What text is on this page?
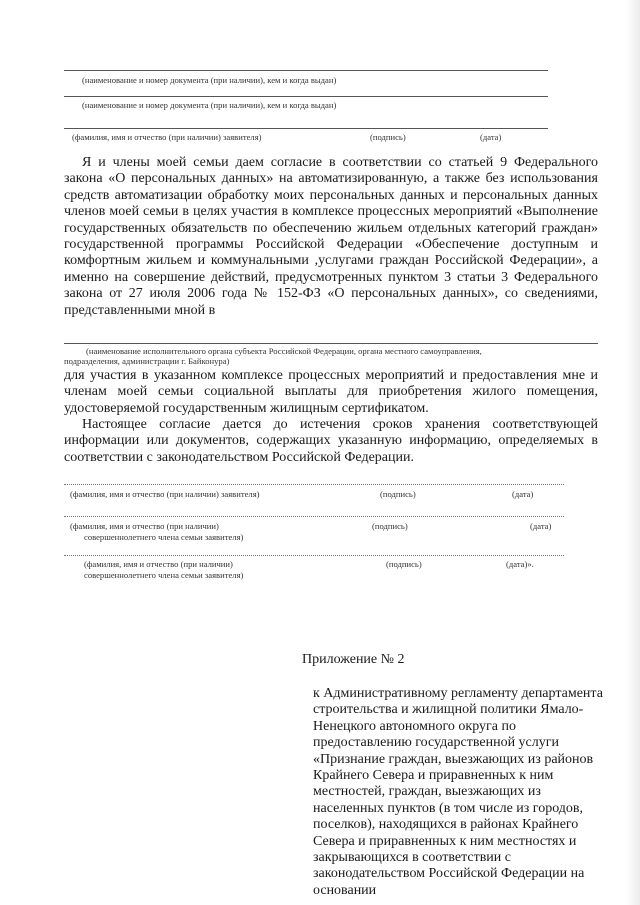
(наименование и номер документа (при наличии), кем и когда выдан)
(наименование и номер документа (при наличии), кем и когда выдан)
(фамилия, имя и отчество (при наличии) заявителя)	(подпись)	(дата)

Я и члены моей семьи даем согласие в соответствии со статьей 9 Федерального закона «О персональных данных» на автоматизированную, а также без использования средств автоматизации обработку моих персональных данных и персональных данных членов моей семьи в целях участия в комплексе процессных мероприятий «Выполнение государственных обязательств по обеспечению жильем отдельных категорий граждан» государственной программы Российской Федерации «Обеспечение доступным и комфортным жильем и коммунальными ,услугами граждан Российской Федерации», а именно на совершение действий, предусмотренных пунктом 3 статьи 3 Федерального закона от 27 июля 2006 года № 152-ФЗ «О персональных данных», со сведениями, представленными мной в

(наименование исполнительного органа субъекта Российской Федерации, органа местного самоуправления,
подразделения, администрации г. Байконура)

для участия в указанном комплексе процессных мероприятий и предоставления мне и членам моей семьи социальной выплаты для приобретения жилого помещения, удостоверяемой государственным жилищным сертификатом.

Настоящее согласие дается до истечения сроков хранения соответствующей информации или документов, содержащих указанную информацию, определяемых в соответствии с законодательством Российской Федерации.

(фамилия, имя и отчество (при наличии) заявителя)	(подпись)	(дата)
(фамилия, имя и отчество (при наличии)
совершеннолетнего члена семьи заявителя)
(подпись)	(дата)
(фамилия, имя и отчество (при наличии)
совершеннолетнего члена семьи заявителя)
(подпись)	(дата)».
Приложение № 2

к Административному регламенту департамента строительства и жилищной политики Ямало-Ненецкого автономного округа по предоставлению государственной услуги «Признание граждан, выезжающих из районов Крайнего Севера и приравненных к ним местностей, граждан, выезжающих из населенных пунктов (в том числе из городов, поселков), находящихся в районах Крайнего Севера и приравненных к ним местностях и закрывающихся в соответствии с законодательством Российской Федерации на основании
